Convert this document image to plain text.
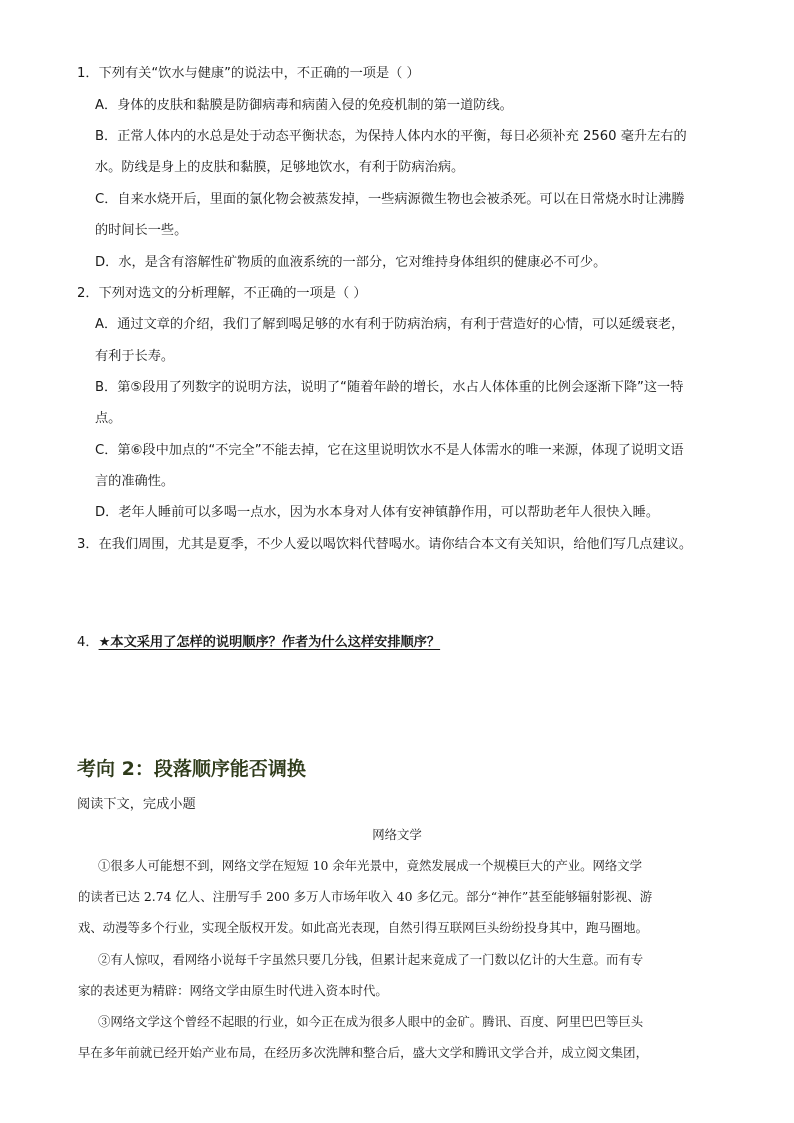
1．下列有关“饮水与健康”的说法中，不正确的一项是（ ）
A．身体的皮肤和黏膜是防御病毒和病菌入侵的免疫机制的第一道防线。
B．正常人体内的水总是处于动态平衡状态，为保持人体内水的平衡，每日必须补充 2560 毫升左右的
水。防线是身上的皮肤和黏膜，足够地饮水，有利于防病治病。
C．自来水烧开后，里面的氯化物会被蒸发掉，一些病源微生物也会被杀死。可以在日常烧水时让沸腾
的时间长一些。
D．水，是含有溶解性矿物质的血液系统的一部分，它对维持身体组织的健康必不可少。
2．下列对选文的分析理解，不正确的一项是（ ）
A．通过文章的介绍，我们了解到喝足够的水有利于防病治病，有利于营造好的心情，可以延缓衰老，
有利于长寿。
B．第⑤段用了列数字的说明方法，说明了“随着年龄的增长，水占人体体重的比例会逐渐下降”这一特
点。
C．第⑥段中加点的“不完全”不能去掉，它在这里说明饮水不是人体需水的唯一来源，体现了说明文语
言的准确性。
D．老年人睡前可以多喝一点水，因为水本身对人体有安神镇静作用，可以帮助老年人很快入睡。
3．在我们周围，尤其是夏季，不少人爱以喝饮料代替喝水。请你结合本文有关知识，给他们写几点建议。
4．★本文采用了怎样的说明顺序？作者为什么这样安排顺序？
考向 2：段落顺序能否调换
阅读下文，完成小题
网络文学
①很多人可能想不到，网络文学在短短 10 余年光景中，竟然发展成一个规模巨大的产业。网络文学
的读者已达 2.74 亿人、注册写手 200 多万人市场年收入 40 多亿元。部分“神作”甚至能够辐射影视、游
戏、动漫等多个行业，实现全版权开发。如此高光表现，自然引得互联网巨头纷纷投身其中，跑马圈地。
②有人惊叹，看网络小说每千字虽然只要几分钱，但累计起来竟成了一门数以亿计的大生意。而有专
家的表述更为精辟：网络文学由原生时代进入资本时代。
③网络文学这个曾经不起眼的行业，如今正在成为很多人眼中的金矿。腾讯、百度、阿里巴巴等巨头
早在多年前就已经开始产业布局，在经历多次洗牌和整合后，盛大文学和腾讯文学合并，成立阅文集团，
